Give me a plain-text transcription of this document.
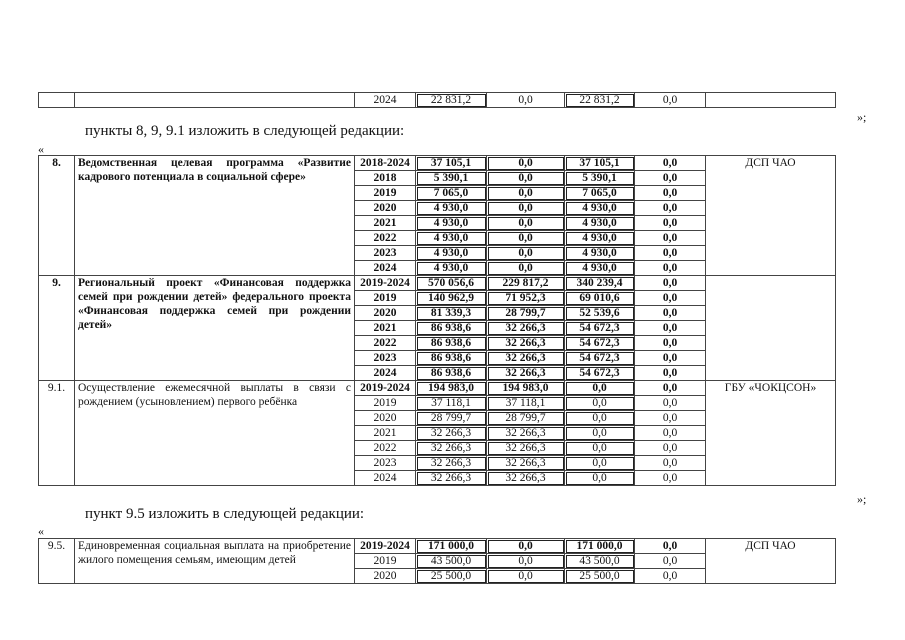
		2024	22 831,2	0,0	22 831,2	0,0	
»;
пункты 8, 9, 9.1 изложить в следующей редакции:
«
8.	Ведомственная целевая программа «Развитие кадрового потенциала в социальной сфере»	2018-2024	37 105,1	0,0	37 105,1	0,0	ДСП ЧАО
		2018	5 390,1	0,0	5 390,1	0,0	
		2019	7 065,0	0,0	7 065,0	0,0	
		2020	4 930,0	0,0	4 930,0	0,0	
		2021	4 930,0	0,0	4 930,0	0,0	
		2022	4 930,0	0,0	4 930,0	0,0	
		2023	4 930,0	0,0	4 930,0	0,0	
		2024	4 930,0	0,0	4 930,0	0,0	
9.	Региональный проект «Финансовая поддержка семей при рождении детей» федерального проекта «Финансовая поддержка семей при рождении детей»	2019-2024	570 056,6	229 817,2	340 239,4	0,0	
		2019	140 962,9	71 952,3	69 010,6	0,0	
		2020	81 339,3	28 799,7	52 539,6	0,0	
		2021	86 938,6	32 266,3	54 672,3	0,0	
		2022	86 938,6	32 266,3	54 672,3	0,0	
		2023	86 938,6	32 266,3	54 672,3	0,0	
		2024	86 938,6	32 266,3	54 672,3	0,0	
9.1.	Осуществление ежемесячной выплаты в связи с рождением (усыновлением) первого ребёнка	2019-2024	194 983,0	194 983,0	0,0	0,0	ГБУ «ЧОКЦСОН»
		2019	37 118,1	37 118,1	0,0	0,0	
		2020	28 799,7	28 799,7	0,0	0,0	
		2021	32 266,3	32 266,3	0,0	0,0	
		2022	32 266,3	32 266,3	0,0	0,0	
		2023	32 266,3	32 266,3	0,0	0,0	
		2024	32 266,3	32 266,3	0,0	0,0	
»;
пункт 9.5 изложить в следующей редакции:
«
9.5.	Единовременная социальная выплата на приобретение жилого помещения семьям, имеющим детей	2019-2024	171 000,0	0,0	171 000,0	0,0	ДСП ЧАО
		2019	43 500,0	0,0	43 500,0	0,0	
		2020	25 500,0	0,0	25 500,0	0,0	
